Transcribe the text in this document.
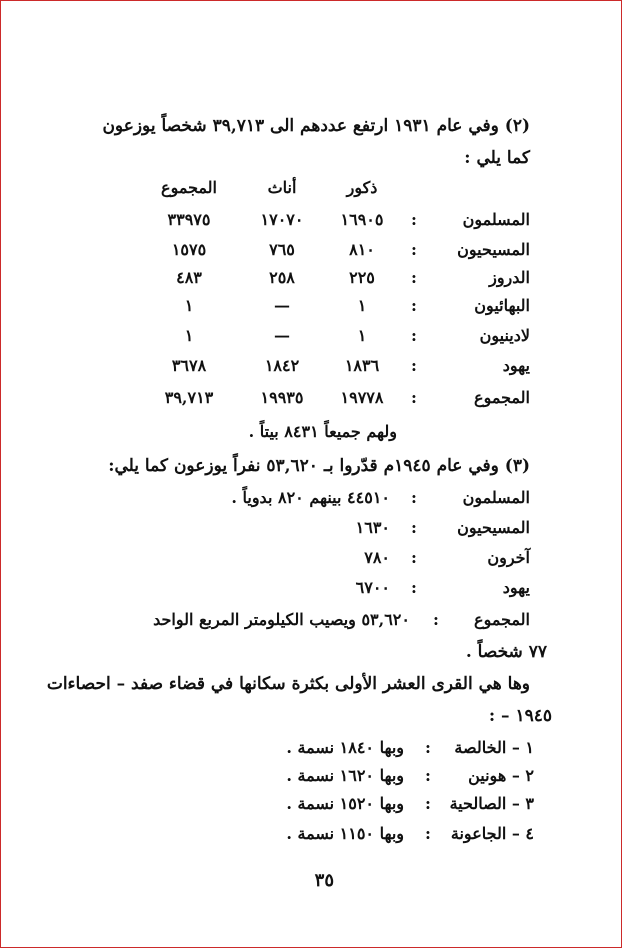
(٢) وفي عام ١٩٣١ ارتفع عددهم الى ٣٩,٧١٣ شخصاً يوزعون
كما يلي :
ذكور
أناث
المجموع
المسلمون
:
١٦٩٠٥
١٧٠٧٠
٣٣٩٧٥
المسيحيون
:
٨١٠
٧٦٥
١٥٧٥
الدروز
:
٢٢٥
٢٥٨
٤٨٣
البهائيون
:
١
—
١
لادينيون
:
١
—
١
يهود
:
١٨٣٦
١٨٤٢
٣٦٧٨
المجموع
:
١٩٧٧٨
١٩٩٣٥
٣٩,٧١٣
ولهم جميعاً ٨٤٣١ بيتاً .
(٣) وفي عام ١٩٤٥م قدّروا بـ ٥٣,٦٢٠ نفراً يوزعون كما يلي:
المسلمون
:
٤٤٥١٠ بينهم ٨٢٠ بدوياً .
المسيحيون
:
١٦٣٠
آخرون
:
٧٨٠
يهود
:
٦٧٠٠
المجموع
:
٥٣,٦٢٠ ويصيب الكيلومتر المربع الواحد
٧٧ شخصاً .
وها هي القرى العشر الأولى بكثرة سكانها في قضاء صفد – احصاءات
١٩٤٥ – :
١ – الخالصة
:
وبها ١٨٤٠ نسمة .
٢ – هونين
:
وبها ١٦٢٠ نسمة .
٣ – الصالحية
:
وبها ١٥٢٠ نسمة .
٤ – الجاعونة
:
وبها ١١٥٠ نسمة .
٣٥
